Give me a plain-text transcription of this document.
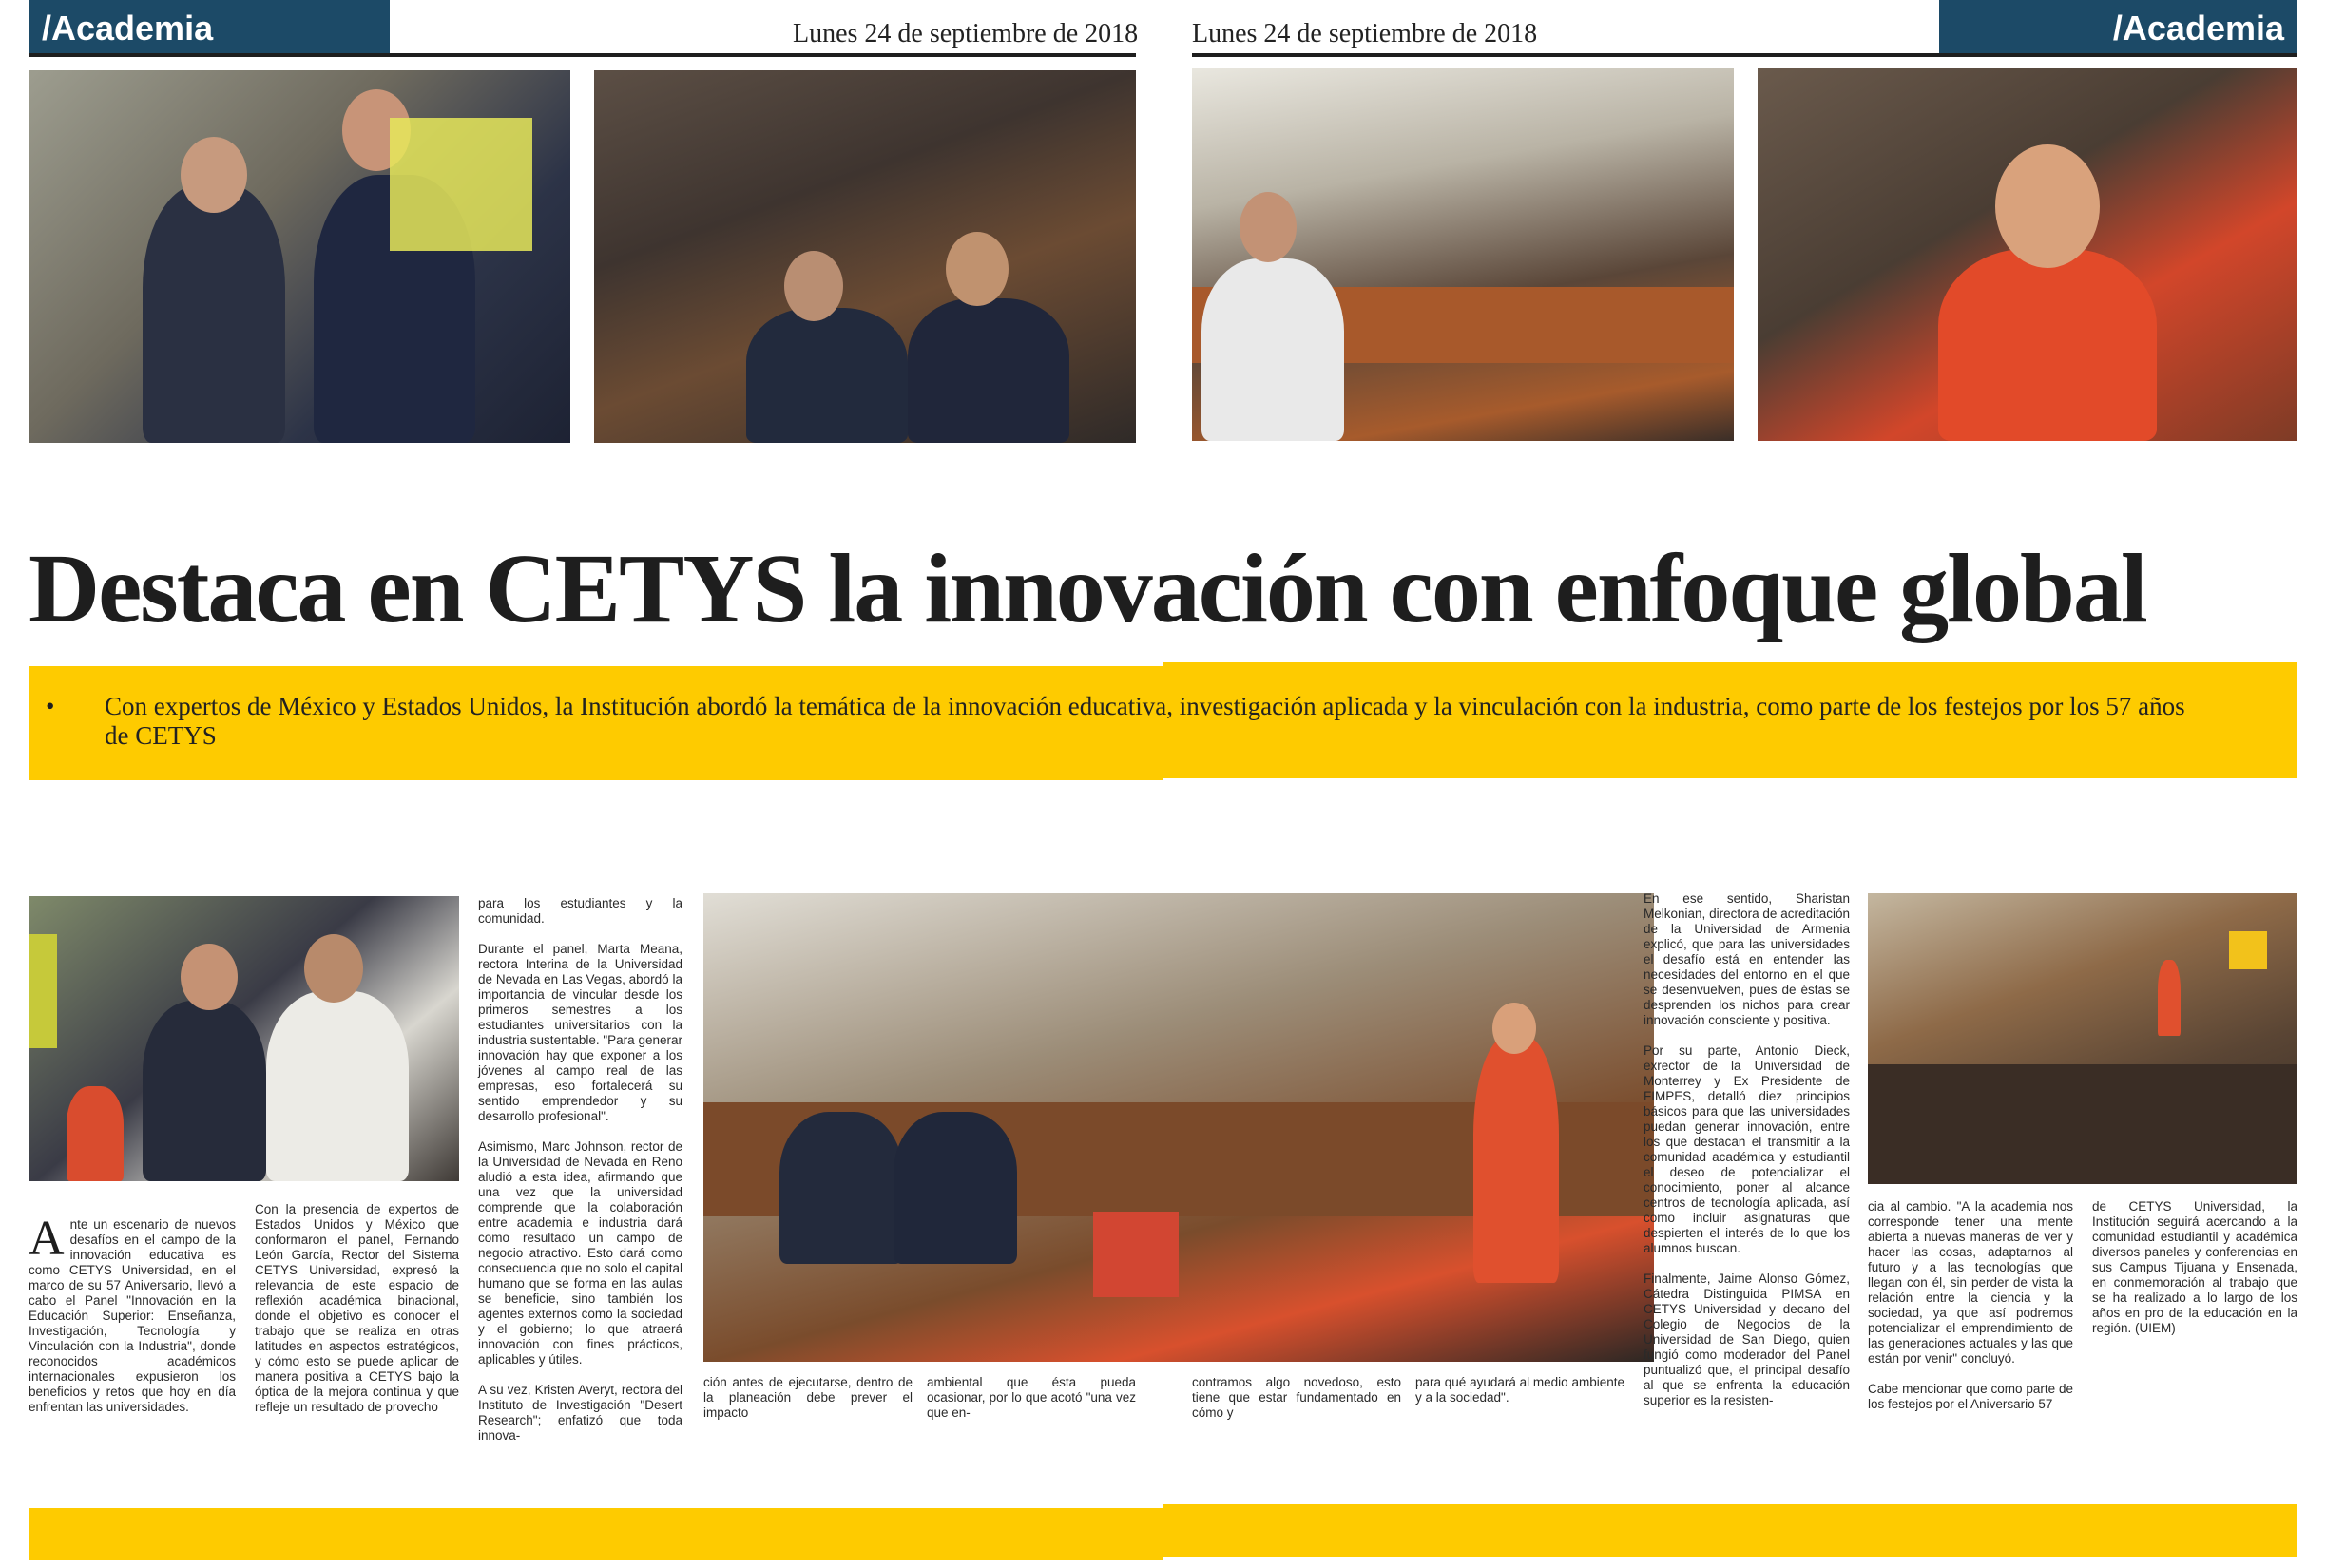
/Academia	Lunes 24 de septiembre de 2018 Lunes 24 de septiembre de 2018	/Academia
Destaca en CETYS la innovación con enfoque global
• Con expertos de México y Estados Unidos, la Institución abordó la temática de la innovación educativa, investigación aplicada y la vinculación con la industria, como parte de los festejos por los 57 años de CETYS

Ante un escenario de nuevos desafíos en el campo de la innovación educativa es como CETYS Universidad, en el marco de su 57 Aniversario, llevó a cabo el Panel "Innovación en la Educación Superior: Enseñanza, Investigación, Tecnología y Vinculación con la Industria", donde reconocidos académicos internacionales expusieron los beneficios y retos que hoy en día enfrentan las universidades.

Con la presencia de expertos de Estados Unidos y México que conformaron el panel, Fernando León García, Rector del Sistema CETYS Universidad, expresó la relevancia de este espacio de reflexión académica binacional, donde el objetivo es conocer el trabajo que se realiza en otras latitudes en aspectos estratégicos, y cómo esto se puede aplicar de manera positiva a CETYS bajo la óptica de la mejora continua y que refleje un resultado de provecho
para los estudiantes y la comunidad.

Durante el panel, Marta Meana, rectora Interina de la Universidad de Nevada en Las Vegas, abordó la importancia de vincular desde los primeros semestres a los estudiantes universitarios con la industria sustentable. "Para generar innovación hay que exponer a los jóvenes al campo real de las empresas, eso fortalecerá su sentido emprendedor y su desarrollo profesional".

Asimismo, Marc Johnson, rector de la Universidad de Nevada en Reno aludió a esta idea, afirmando que una vez que la universidad comprende que la colaboración entre academia e industria dará como resultado un campo de negocio atractivo. Esto dará como consecuencia que no solo el capital humano que se forma en las aulas se beneficie, sino también los agentes externos como la sociedad y el gobierno; lo que atraerá innovación con fines prácticos, aplicables y útiles.

A su vez, Kristen Averyt, rectora del Instituto de Investigación "Desert Research"; enfatizó que toda innova-
ción antes de ejecutarse, dentro de la planeación debe prever el impacto
ambiental que ésta pueda ocasionar, por lo que acotó "una vez que en-
contramos algo novedoso, esto tiene que estar fundamentado en cómo y
para qué ayudará al medio ambiente y a la sociedad".
En ese sentido, Sharistan Melkonian, directora de acreditación de la Universidad de Armenia explicó, que para las universidades el desafío está en entender las necesidades del entorno en el que se desenvuelven, pues de éstas se desprenden los nichos para crear innovación consciente y positiva.

Por su parte, Antonio Dieck, exrector de la Universidad de Monterrey y Ex Presidente de FIMPES, detalló diez principios básicos para que las universidades puedan generar innovación, entre los que destacan el transmitir a la comunidad académica y estudiantil el deseo de potencializar el conocimiento, poner al alcance centros de tecnología aplicada, así como incluir asignaturas que despierten el interés de lo que los alumnos buscan.

Finalmente, Jaime Alonso Gómez, Cátedra Distinguida PIMSA en CETYS Universidad y decano del Colegio de Negocios de la Universidad de San Diego, quien fungió como moderador del Panel puntualizó que, el principal desafío al que se enfrenta la educación superior es la resisten-
cia al cambio. "A la academia nos corresponde tener una mente abierta a nuevas maneras de ver y hacer las cosas, adaptarnos al futuro y a las tecnologías que llegan con él, sin perder de vista la relación entre la ciencia y la sociedad, ya que así podremos potencializar el emprendimiento de las generaciones actuales y las que están por venir" concluyó.

Cabe mencionar que como parte de los festejos por el Aniversario 57
de CETYS Universidad, la Institución seguirá acercando a la comunidad estudiantil y académica diversos paneles y conferencias en sus Campus Tijuana y Ensenada, en conmemoración al trabajo que se ha realizado a lo largo de los años en pro de la educación en la región. (UIEM)
